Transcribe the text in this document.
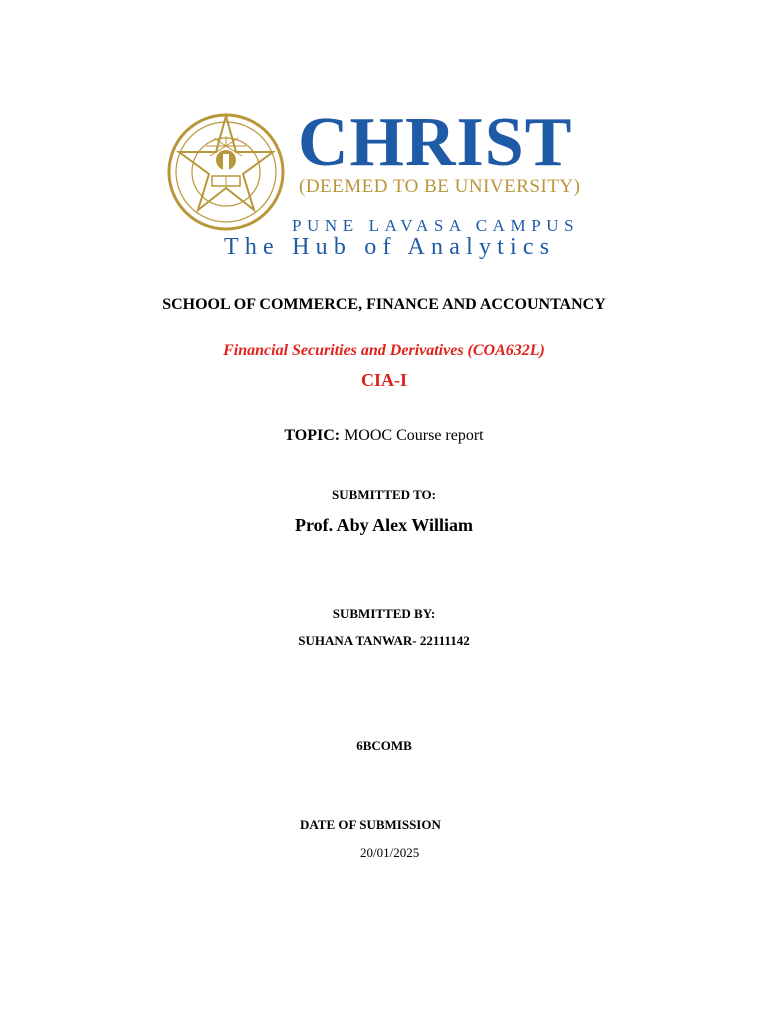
CHRIST
(DEEMED TO BE UNIVERSITY)
PUNE LAVASA CAMPUS
The Hub of Analytics
SCHOOL OF COMMERCE, FINANCE AND ACCOUNTANCY
Financial Securities and Derivatives (COA632L)
CIA-I
TOPIC: MOOC Course report
SUBMITTED TO:
Prof. Aby Alex William
SUBMITTED BY:
SUHANA TANWAR- 22111142
6BCOMB
DATE OF SUBMISSION
20/01/2025
